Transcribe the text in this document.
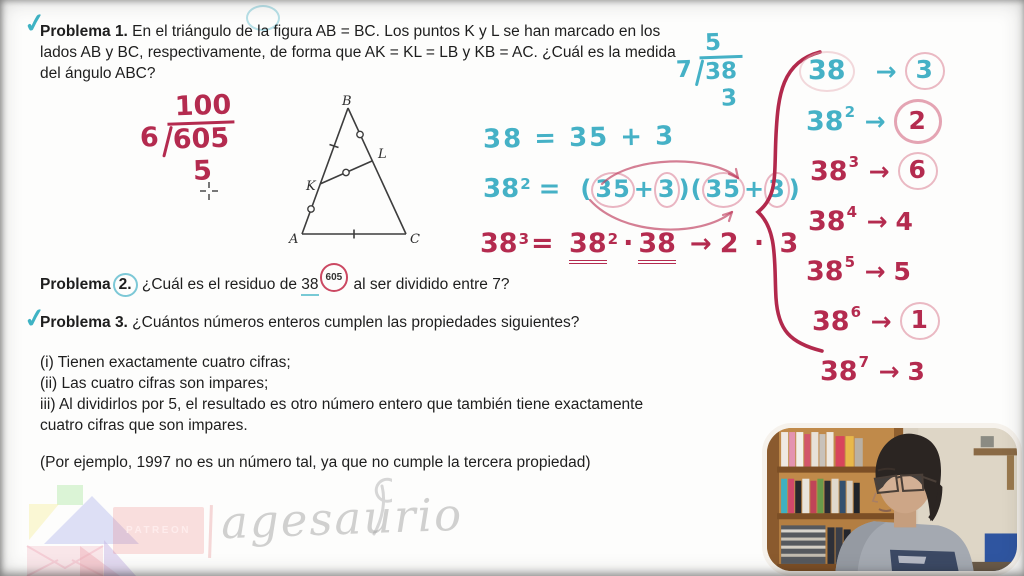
✓
Problema 1. En el triángulo de la figura AB = BC. Los puntos K y L se han marcado en los lados AB y BC, respectivamente, de forma que AK = KL = LB y KB = AC. ¿Cuál es la medida del ángulo ABC?
100
6 605
5
B
A	C
K
L
5
7 38
3
38 = 35 + 3
$38^2$ = ( 35 + 3 )( 35 + 3 )
$38^3= 38^2 \cdot 38 \to 2 \cdot 3$
38	→ 3
38 2 → 2
38 3 → 6
38 4 → 4
38 5 → 5
38 6 → 1
38 7 → 3
Problema 2. ¿Cuál es el residuo de 38 605 al ser dividido entre 7?
✓
Problema 3. ¿Cuántos números enteros cumplen las propiedades siguientes?
(i) Tienen exactamente cuatro cifras;
(ii) Las cuatro cifras son impares;
iii) Al dividirlos por 5, el resultado es otro número entero que también tiene exactamente cuatro cifras que son impares.
(Por ejemplo, 1997 no es un número tal, ya que no cumple la tercera propiedad)
PATREON agesaurio
